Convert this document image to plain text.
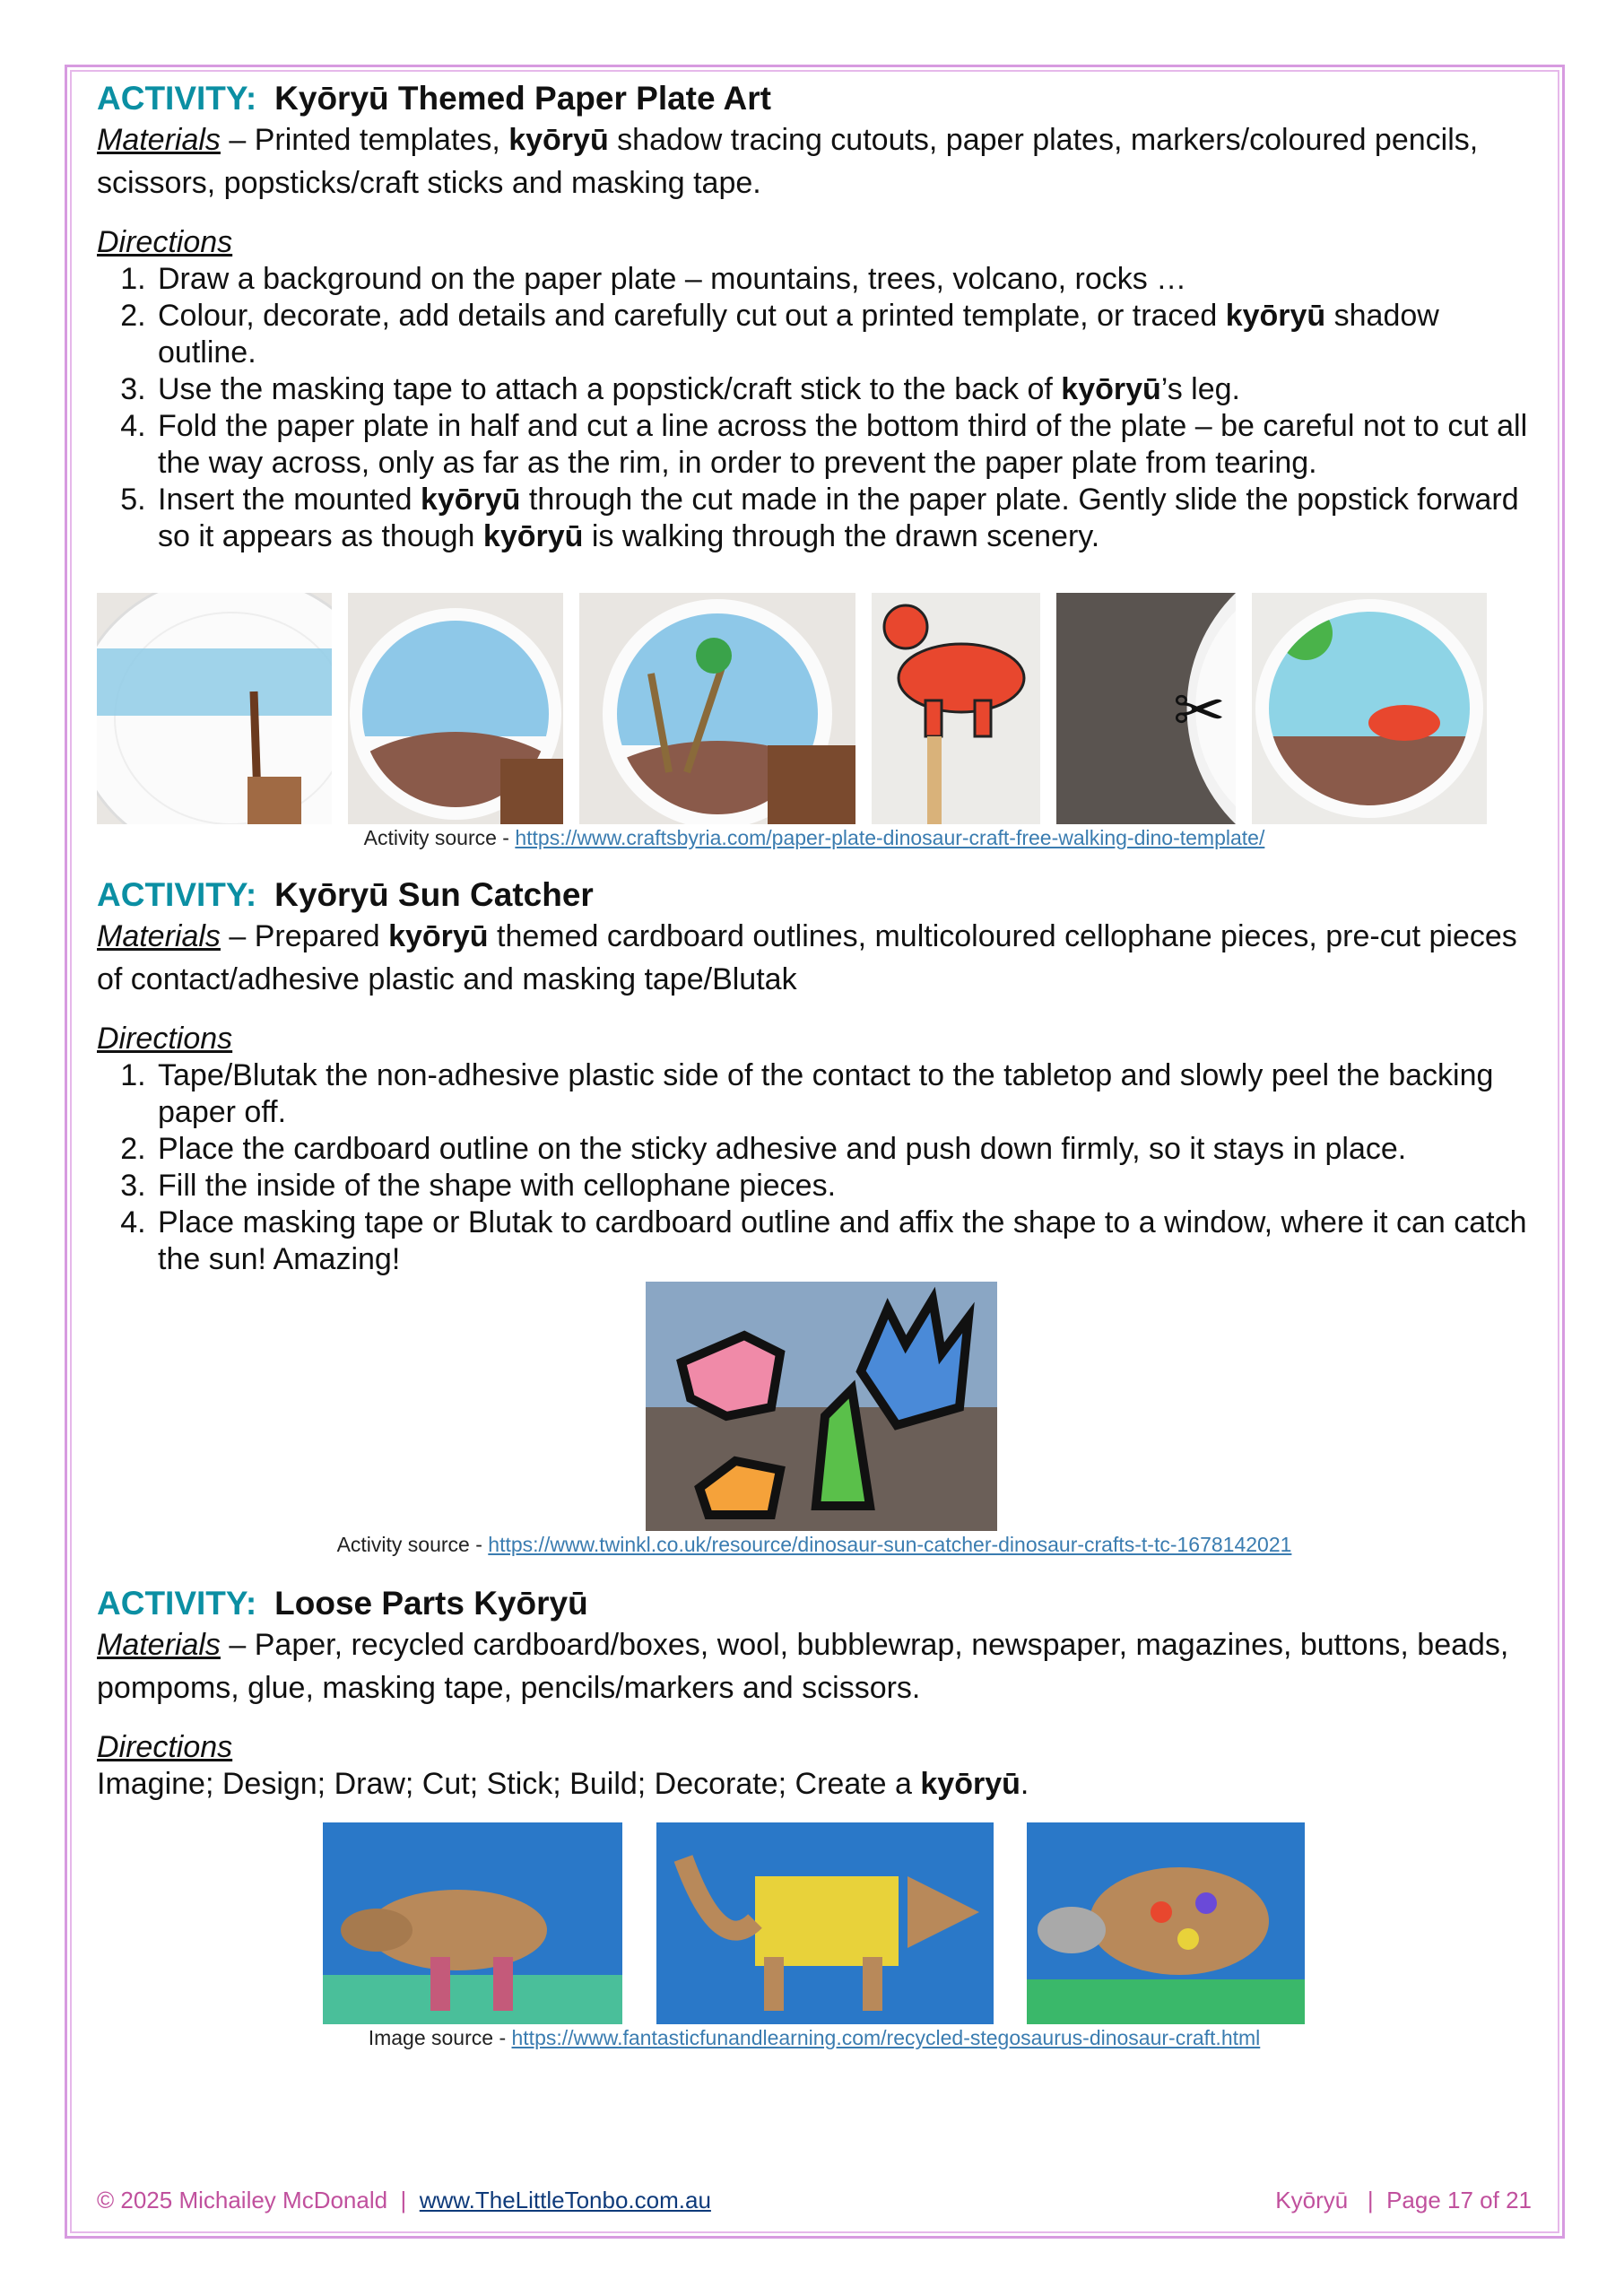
ACTIVITY: Kyōryū Themed Paper Plate Art

Materials – Printed templates, kyōryū shadow tracing cutouts, paper plates, markers/coloured pencils, scissors, popsticks/craft sticks and masking tape.

Directions
1. Draw a background on the paper plate – mountains, trees, volcano, rocks …
2. Colour, decorate, add details and carefully cut out a printed template, or traced kyōryū shadow outline.
3. Use the masking tape to attach a popstick/craft stick to the back of kyōryū’s leg.
4. Fold the paper plate in half and cut a line across the bottom third of the plate – be careful not to cut all the way across, only as far as the rim, in order to prevent the paper plate from tearing.
5. Insert the mounted kyōryū through the cut made in the paper plate. Gently slide the popstick forward so it appears as though kyōryū is walking through the drawn scenery.
✂
Activity source - https://www.craftsbyria.com/paper-plate-dinosaur-craft-free-walking-dino-template/
ACTIVITY: Kyōryū Sun Catcher

Materials – Prepared kyōryū themed cardboard outlines, multicoloured cellophane pieces, pre-cut pieces of contact/adhesive plastic and masking tape/Blutak

Directions
1. Tape/Blutak the non-adhesive plastic side of the contact to the tabletop and slowly peel the backing paper off.
2. Place the cardboard outline on the sticky adhesive and push down firmly, so it stays in place.
3. Fill the inside of the shape with cellophane pieces.
4. Place masking tape or Blutak to cardboard outline and affix the shape to a window, where it can catch the sun! Amazing!
Activity source - https://www.twinkl.co.uk/resource/dinosaur-sun-catcher-dinosaur-crafts-t-tc-1678142021
ACTIVITY: Loose Parts Kyōryū

Materials – Paper, recycled cardboard/boxes, wool, bubblewrap, newspaper, magazines, buttons, beads, pompoms, glue, masking tape, pencils/markers and scissors.

Directions

Imagine; Design; Draw; Cut; Stick; Build; Decorate; Create a kyōryū.

Image source - https://www.fantasticfunandlearning.com/recycled-stegosaurus-dinosaur-craft.html
© 2025 Michailey McDonald  |  www.TheLittleTonbo.com.au	Kyōryū   |  Page 17 of 21
